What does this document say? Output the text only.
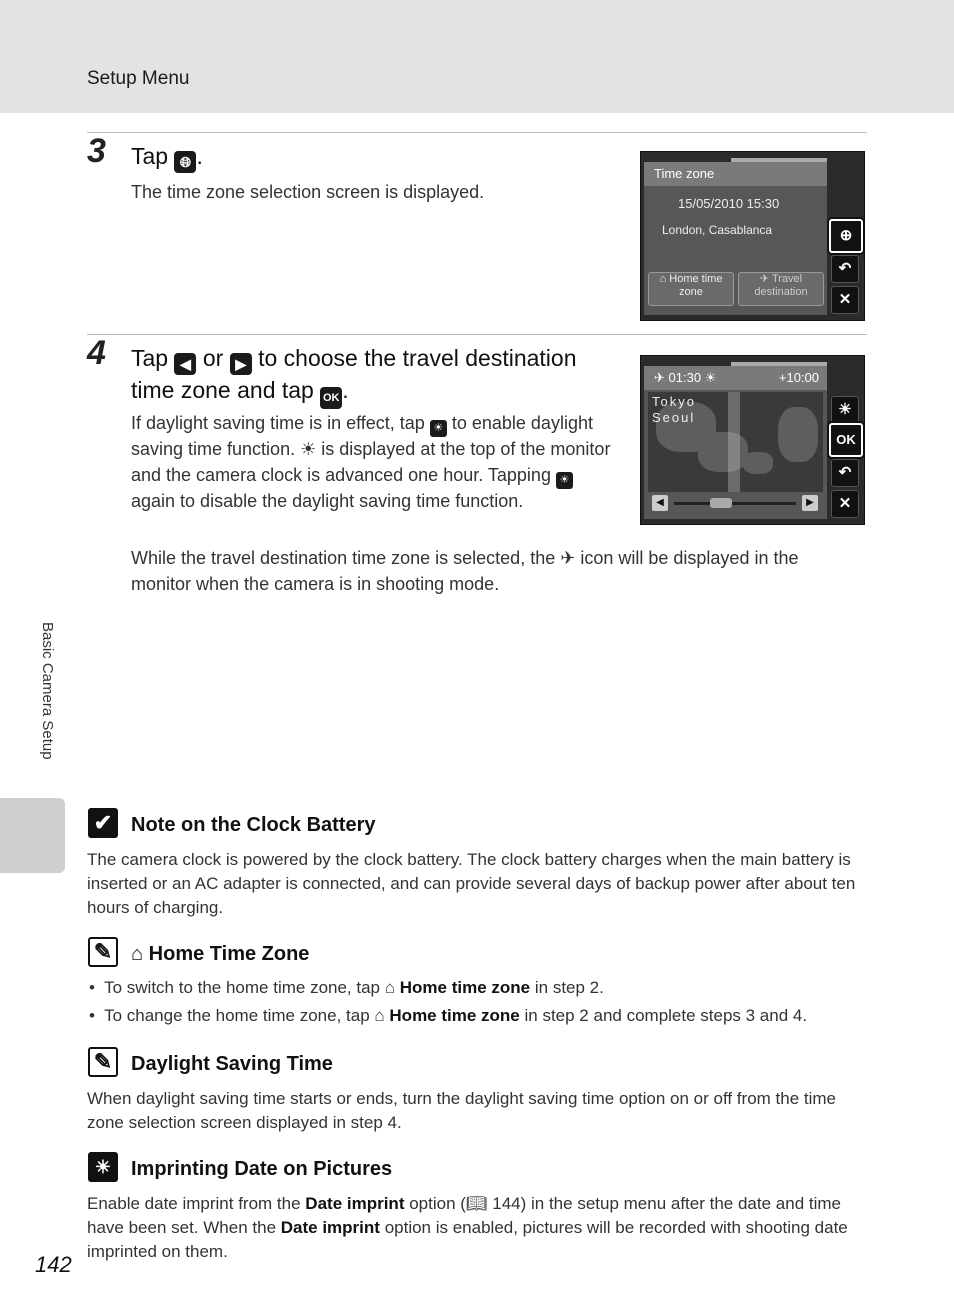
Setup Menu
Basic Camera Setup
3 Tap 🌐︎ .
The time zone selection screen is displayed.
Time zone
15/05/2010 15:30
London, Casablanca
⌂ Home time zone
✈ Travel destination
⊕
↶
✕
4 Tap ◀ or ▶ to choose the travel destination
time zone and tap OK .
If daylight saving time is in effect, tap ☀ to enable daylight saving time function. ☀ is displayed at the top of the monitor and the camera clock is advanced one hour. Tapping ☀ again to disable the daylight saving time function.
While the travel destination time zone is selected, the ✈ icon will be displayed in the monitor when the camera is in shooting mode.
✈ 01:30 ☀	+10:00
Tokyo
Seoul
◀	▶
☀
OK
↶
✕
✔ Note on the Clock Battery
The camera clock is powered by the clock battery. The clock battery charges when the main battery is inserted or an AC adapter is connected, and can provide several days of backup power after about ten hours of charging.
✎ ⌂ Home Time Zone
•  To switch to the home time zone, tap ⌂ Home time zone in step 2.
•  To change the home time zone, tap ⌂ Home time zone in step 2 and complete steps 3 and 4.
✎ Daylight Saving Time
When daylight saving time starts or ends, turn the daylight saving time option on or off from the time zone selection screen displayed in step 4.
☀ Imprinting Date on Pictures
Enable date imprint from the Date imprint option (📖︎ 144) in the setup menu after the date and time have been set. When the Date imprint option is enabled, pictures will be recorded with shooting date imprinted on them.
142
